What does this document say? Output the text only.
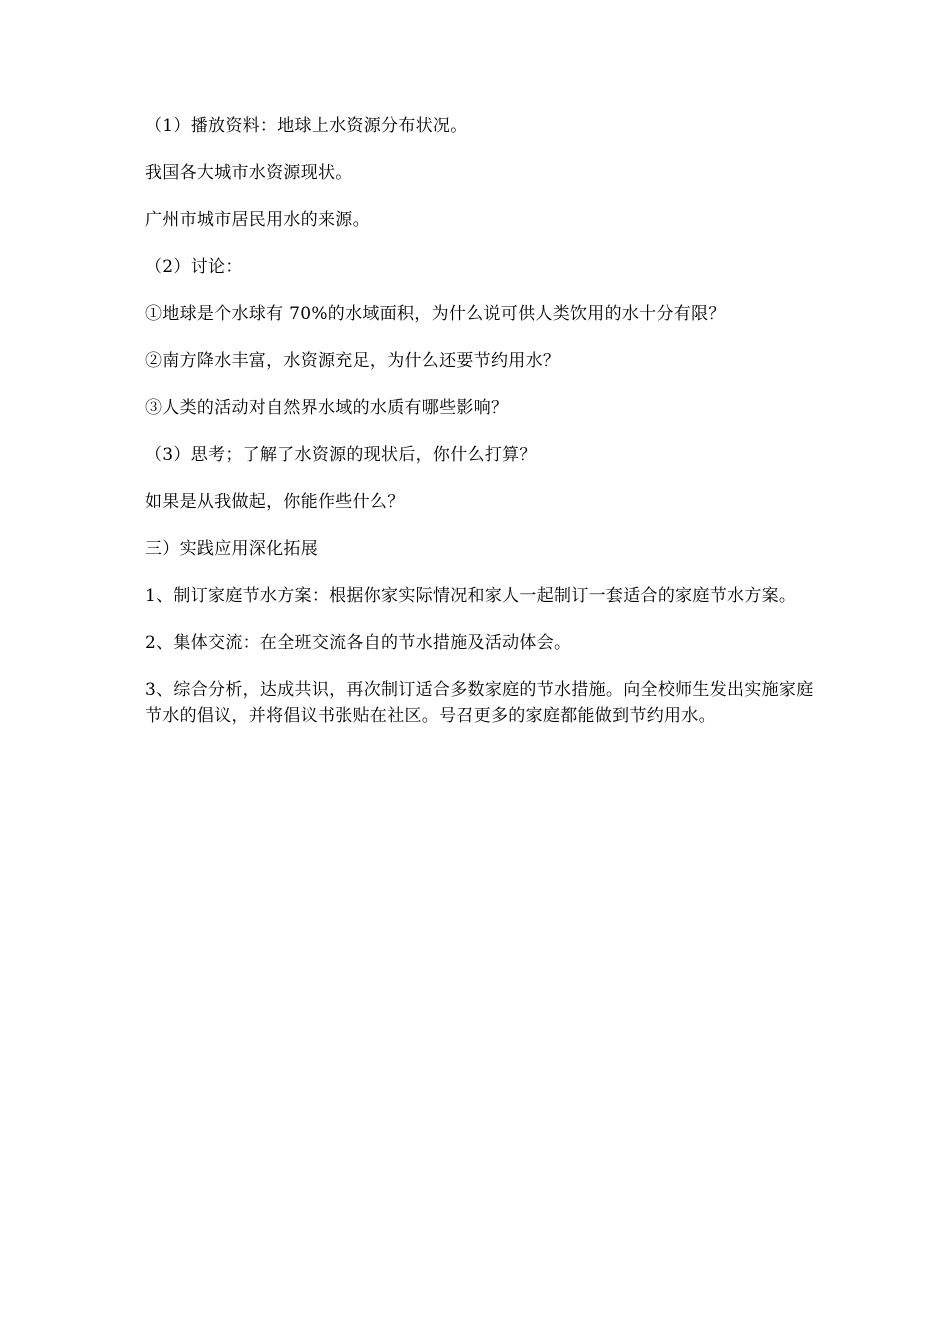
（1）播放资料：地球上水资源分布状况。

我国各大城市水资源现状。

广州市城市居民用水的来源。

（2）讨论：

①地球是个水球有 70%的水域面积，为什么说可供人类饮用的水十分有限？

②南方降水丰富，水资源充足，为什么还要节约用水？

③人类的活动对自然界水域的水质有哪些影响？

（3）思考；了解了水资源的现状后，你什么打算？

如果是从我做起，你能作些什么？

三）实践应用深化拓展

1、制订家庭节水方案：根据你家实际情况和家人一起制订一套适合的家庭节水方案。

2、集体交流：在全班交流各自的节水措施及活动体会。

3、综合分析，达成共识，再次制订适合多数家庭的节水措施。向全校师生发出实施家庭节水的倡议，并将倡议书张贴在社区。号召更多的家庭都能做到节约用水。
